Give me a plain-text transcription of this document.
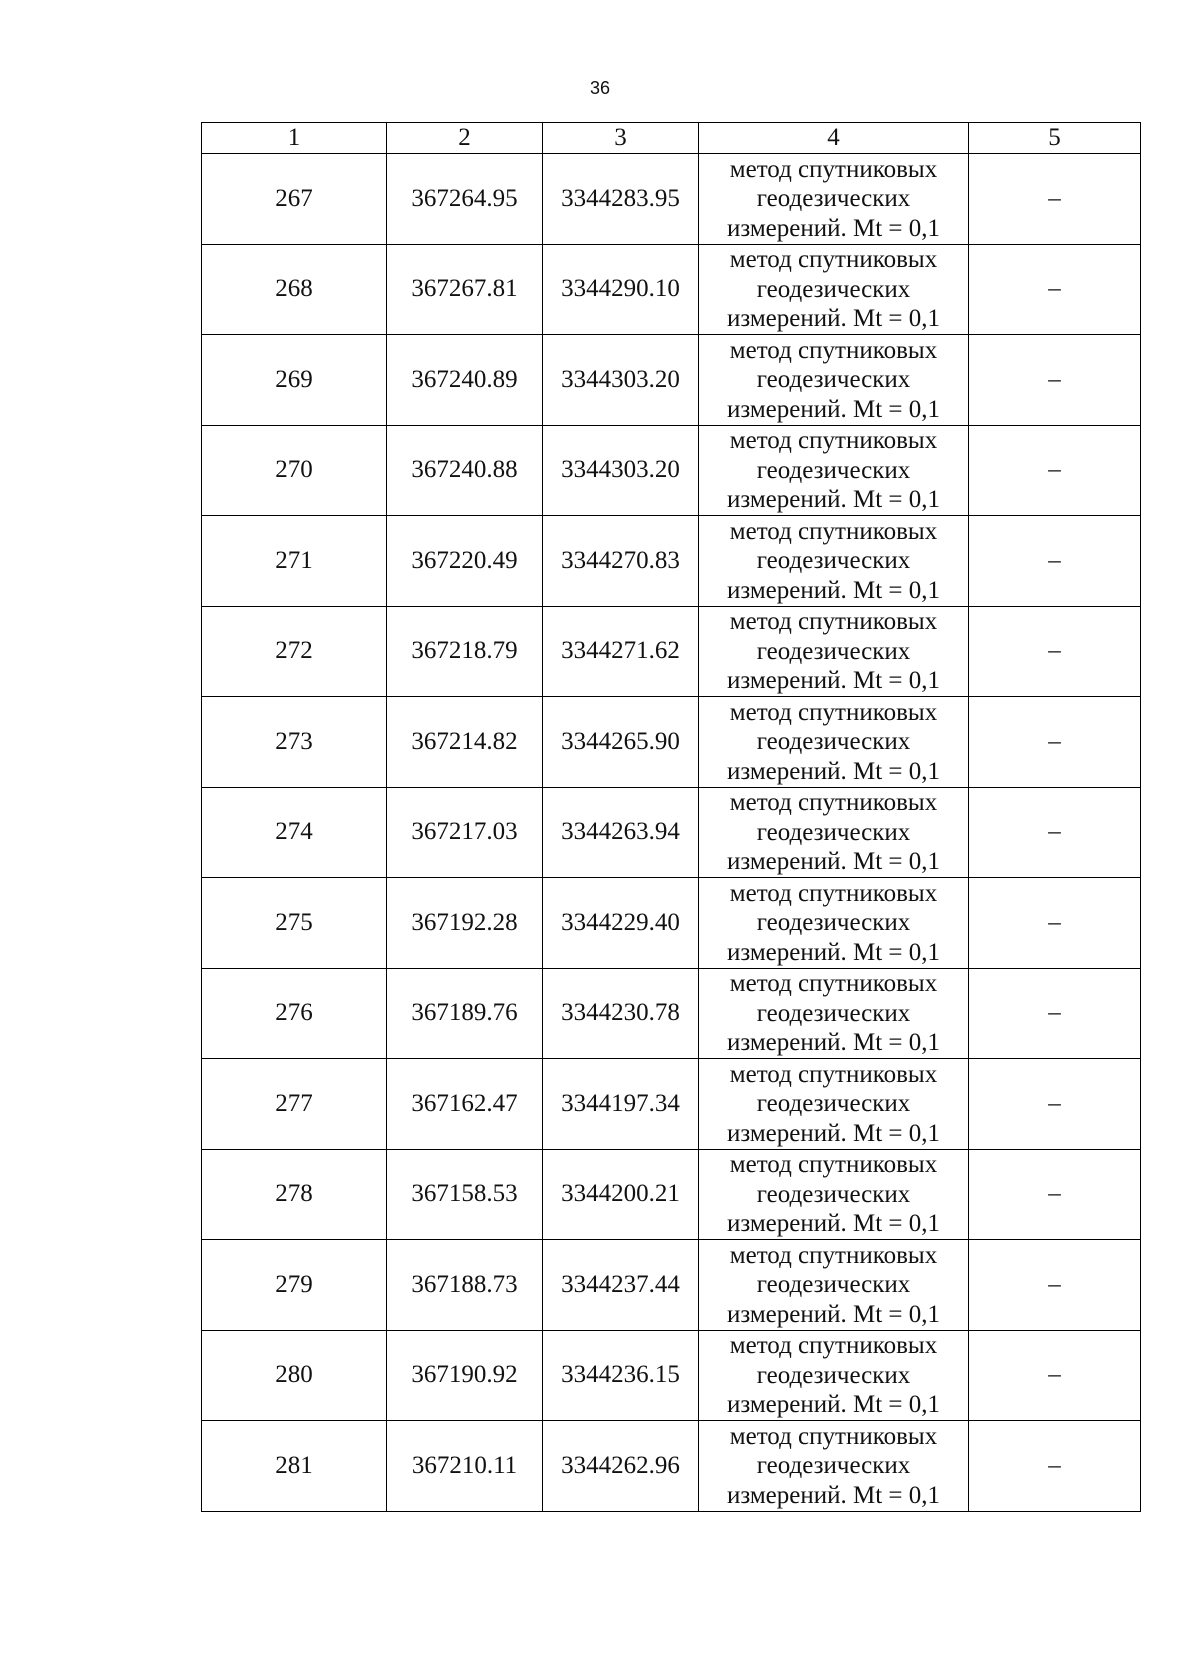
36
1	2	3	4	5
267	367264.95	3344283.95	метод спутниковых
геодезических
измерений. Mt = 0,1	–
268	367267.81	3344290.10	метод спутниковых
геодезических
измерений. Mt = 0,1	–
269	367240.89	3344303.20	метод спутниковых
геодезических
измерений. Mt = 0,1	–
270	367240.88	3344303.20	метод спутниковых
геодезических
измерений. Mt = 0,1	–
271	367220.49	3344270.83	метод спутниковых
геодезических
измерений. Mt = 0,1	–
272	367218.79	3344271.62	метод спутниковых
геодезических
измерений. Mt = 0,1	–
273	367214.82	3344265.90	метод спутниковых
геодезических
измерений. Mt = 0,1	–
274	367217.03	3344263.94	метод спутниковых
геодезических
измерений. Mt = 0,1	–
275	367192.28	3344229.40	метод спутниковых
геодезических
измерений. Mt = 0,1	–
276	367189.76	3344230.78	метод спутниковых
геодезических
измерений. Mt = 0,1	–
277	367162.47	3344197.34	метод спутниковых
геодезических
измерений. Mt = 0,1	–
278	367158.53	3344200.21	метод спутниковых
геодезических
измерений. Mt = 0,1	–
279	367188.73	3344237.44	метод спутниковых
геодезических
измерений. Mt = 0,1	–
280	367190.92	3344236.15	метод спутниковых
геодезических
измерений. Mt = 0,1	–
281	367210.11	3344262.96	метод спутниковых
геодезических
измерений. Mt = 0,1	–
